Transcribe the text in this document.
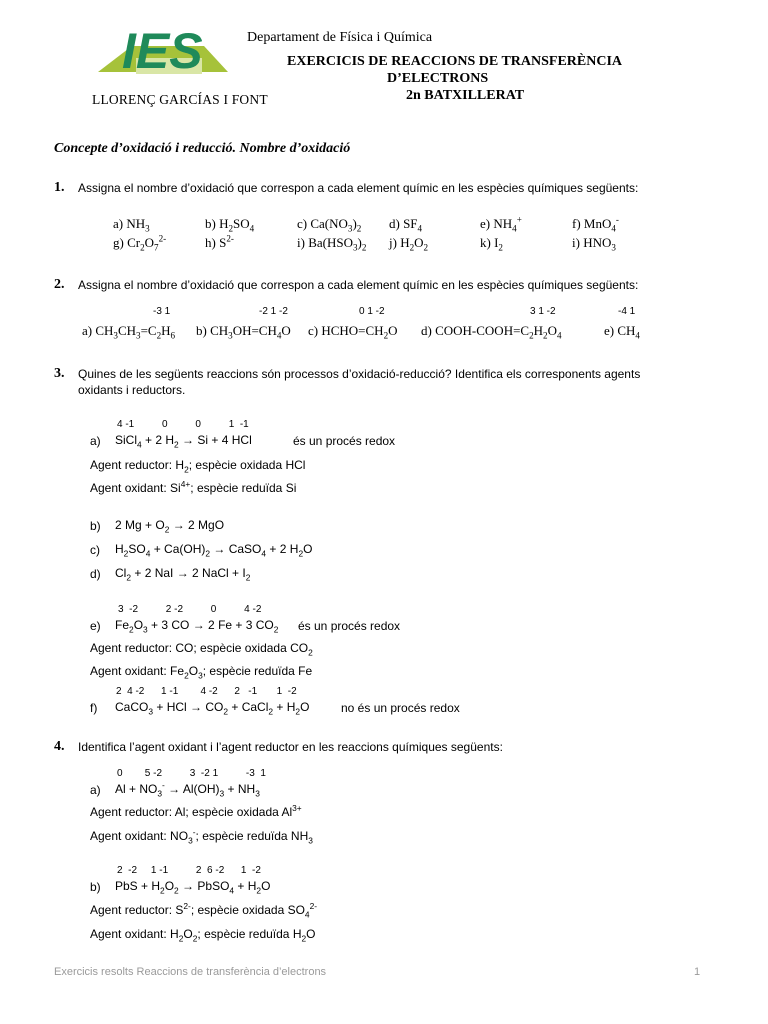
IES
LLORENÇ GARCÍAS I FONT
Departament de Física i Química
EXERCICIS DE REACCIONS DE TRANSFERÈNCIA
D’ELECTRONS
2n BATXILLERAT
Concepte d’oxidació i reducció. Nombre d’oxidació
1. Assigna el nombre d’oxidació que correspon a cada element químic en les espècies químiques següents:
a) $NH_3$	b) $H_2SO_4$	c) $Ca(NO_3)_2$ d) $SF_4$	e) $NH_4^+$	f) MnO$_4$-
g) $Cr_2O_7^{2-}$	h) $S^{2-}$	i) $Ba(HSO_3)_2$ j) $H_2O_2$	k) $I_2$	i) $HNO_3$
2. Assigna el nombre d’oxidació que correspon a cada element químic en les espècies químiques següents:
-3 1	-2 1 -2	0 1 -2	3 1 -2	-4 1
a) $CH_3CH_3=C_2H_6$ b) $CH_3OH=CH_4O$ c) $HCHO=CH_2O$ d) COOH-$COOH=C_2H_2O_4$	e) $CH_4$
3. Quines de les següents reaccions són processos d’oxidació-reducció? Identifica els corresponents agents
oxidants i reductors.
4 -1          0          0          1  -1
a) SiCl$_4$ + 2 $H_2 \to Si + 4$ HCl	és un procés redox
Agent reductor: $H_2$; espècie oxidada HCl
Agent oxidant: $Si^{4+}$; espècie reduïda Si
b) 2 $Mg + O_2 \to 2$ MgO
c) $H_2SO_4 + Ca(OH)_2$ → CaSO$_4$ + 2 $H_2O$
d) $Cl_2 + 2$ NaI → 2 NaCl + $I_2$
3  -2          2 -2          0          4 -2
e) $Fe_2O_3 + 3$ CO → 2 Fe + 3 $CO_2$ és un procés redox
Agent reductor: CO; espècie oxidada $CO_2$
Agent oxidant: $Fe_2O_3$; espècie reduïda Fe
2  4 -2      1 -1        4 -2      2   -1       1  -2
f) CaCO$_3$ + HCl → $CO_2$ + CaCl$_2$ + $H_2O$	no és un procés redox
4. Identifica l’agent oxidant i l’agent reductor en les reaccions químiques següents:
0        5 -2          3  -2 1          -3  1
a) $Al + NO_3^- \to Al(OH)_3 + NH_3$
Agent reductor: Al; espècie oxidada $Al^{3+}$
Agent oxidant: $NO_3^-$; espècie reduïda $NH_3$
2  -2     1 -1          2  6 -2      1  -2
b) PbS + $H_2O_2$ → PbSO$_4$ + $H_2O$
Agent reductor: $S^{2-}$; espècie oxidada $SO_4^{2-}$
Agent oxidant: $H_2O_2$; espècie reduïda $H_2O$
Exercicis resolts Reaccions de transferència d’electrons	1
